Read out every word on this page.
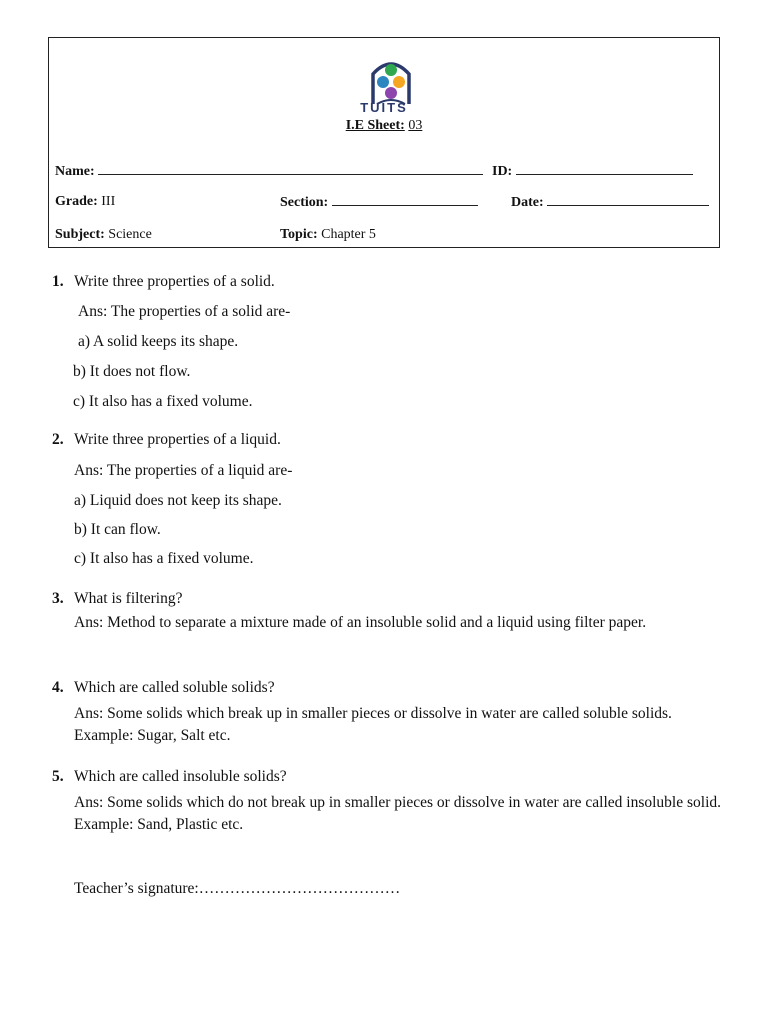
TUITS
I.E Sheet: 03
Name:	ID:
Grade: III	Section:	Date:
Subject: Science	Topic: Chapter 5
1. Write three properties of a solid.
Ans: The properties of a solid are-
a) A solid keeps its shape.
b) It does not flow.
c) It also has a fixed volume.
2. Write three properties of a liquid.
Ans: The properties of a liquid are-
a) Liquid does not keep its shape.
b) It can flow.
c) It also has a fixed volume.
3. What is filtering?
Ans: Method to separate a mixture made of an insoluble solid and a liquid using filter paper.
4. Which are called soluble solids?
Ans: Some solids which break up in smaller pieces or dissolve in water are called soluble solids. Example: Sugar, Salt etc.
5. Which are called insoluble solids?
Ans: Some solids which do not break up in smaller pieces or dissolve in water are called insoluble solid. Example: Sand, Plastic etc.
Teacher’s signature:…………………………………
